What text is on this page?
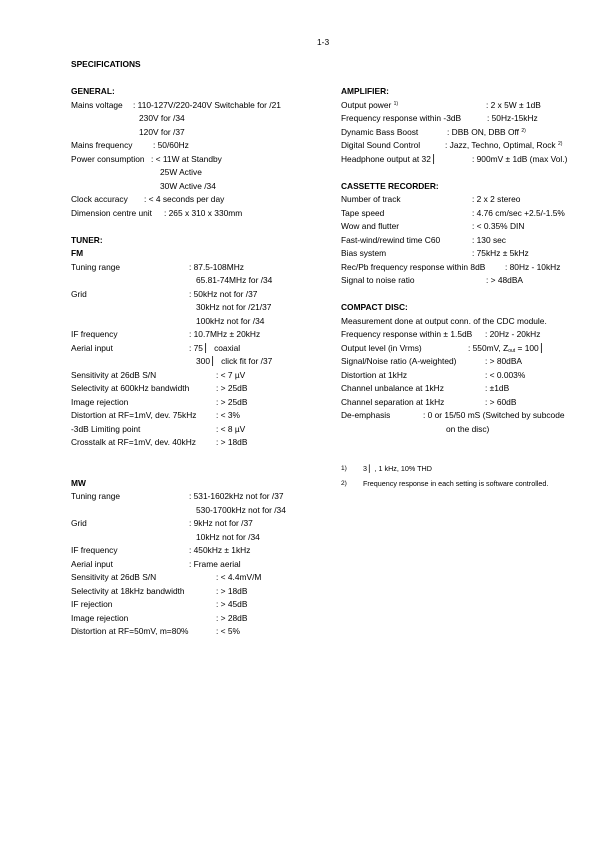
1-3
SPECIFICATIONS
GENERAL:
Mains voltage : 110-127V/220-240V Switchable for /21
230V for /34
120V for /37
Mains frequency : 50/60Hz
Power consumption : < 11W at Standby
25W Active
30W Active /34
Clock accuracy : < 4 seconds per day
Dimension centre unit : 265 x 310 x 330mm
TUNER:
FM
Tuning range	: 87.5-108MHz
65.81-74MHz for /34
Grid	: 50kHz not for /37
30kHz not for /21/37
100kHz not for /34
IF frequency	: 10.7MHz ± 20kHz
Aerial input	: 75 ▏ coaxial
300 ▏ click fit for /37
Sensitivity at 26dB S/N	: < 7 µV
Selectivity at 600kHz bandwidth	: > 25dB
Image rejection	: > 25dB
Distortion at RF=1mV, dev. 75kHz : < 3%
-3dB Limiting point	: < 8 µV
Crosstalk at RF=1mV, dev. 40kHz : > 18dB
MW
Tuning range	: 531-1602kHz not for /37
530-1700kHz not for /34
Grid	: 9kHz not for /37
10kHz not for /34
IF frequency	: 450kHz ± 1kHz
Aerial input	: Frame aerial
Sensitivity at 26dB S/N	: < 4.4mV/M
Selectivity at 18kHz bandwidth	: > 18dB
IF rejection	: > 45dB
Image rejection	: > 28dB
Distortion at RF=50mV, m=80%	: < 5%
AMPLIFIER:
Output power $^{1)}$	: 2 x 5W ± 1dB
Frequency response within -3dB	: 50Hz-15kHz
Dynamic Bass Boost	: DBB ON, DBB Off $^{2)}$
Digital Sound Control	: Jazz, Techno, Optimal, Rock $^{2)}$
Headphone output at 32 ▏	: 900mV ± 1dB (max Vol.)
CASSETTE RECORDER:
Number of track	: 2 x 2 stereo
Tape speed	: 4.76 cm/sec +2.5/-1.5%
Wow and flutter	: < 0.35% DIN
Fast-wind/rewind time C60	: 130 sec
Bias system	: 75kHz ± 5kHz
Rec/Pb frequency response within 8dB : 80Hz - 10kHz
Signal to noise ratio	: > 48dBA
COMPACT DISC:
Measurement done at output conn. of the CDC module.
Frequency response within ± 1.5dB : 20Hz - 20kHz
Output level (in Vrms)	: 550mV, $Z_{out} = 100$ ▏
Signal/Noise ratio (A-weighted)	: > 80dBA
Distortion at 1kHz	: < 0.003%
Channel unbalance at 1kHz	: ±1dB
Channel separation at 1kHz	: > 60dB
De-emphasis	: 0 or 15/50 mS (Switched by subcode
on the disc)
1) 3 ▏, 1 kHz, 10% THD
2) Frequency response in each setting is software controlled.
